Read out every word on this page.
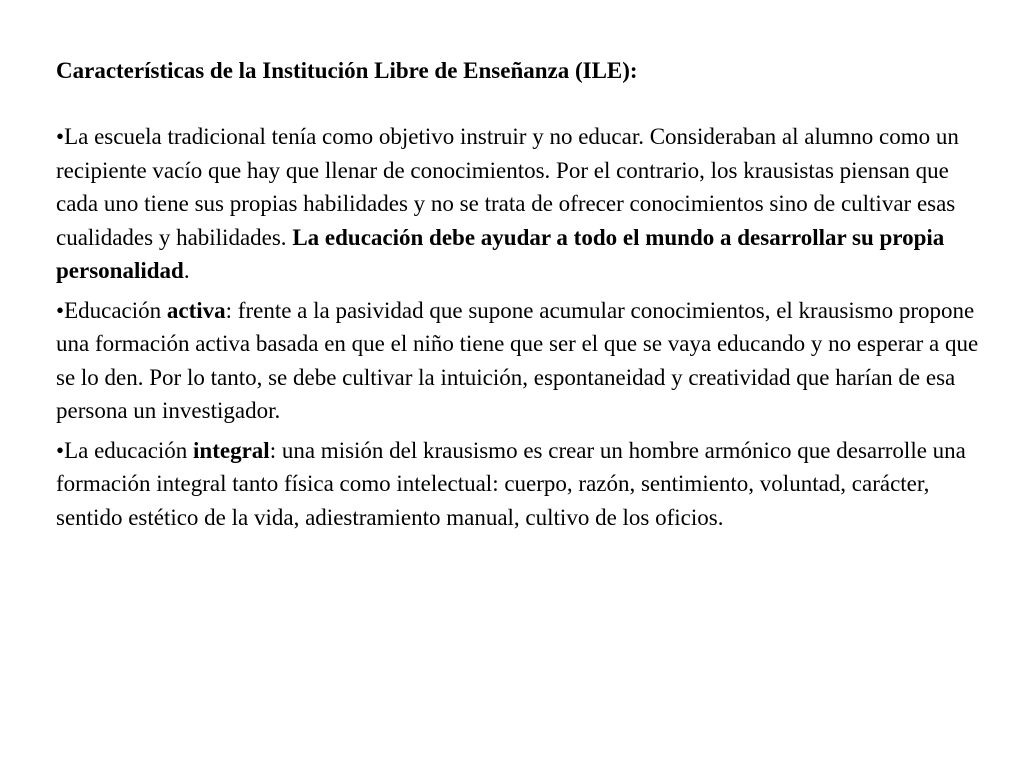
Características de la Institución Libre de Enseñanza (ILE):

•La escuela tradicional tenía como objetivo instruir y no educar. Consideraban al alumno como un recipiente vacío que hay que llenar de conocimientos. Por el contrario, los krausistas piensan que cada uno tiene sus propias habilidades y no se trata de ofrecer conocimientos sino de cultivar esas cualidades y habilidades. La educación debe ayudar a todo el mundo a desarrollar su propia personalidad.

•Educación activa: frente a la pasividad que supone acumular conocimientos, el krausismo propone una formación activa basada en que el niño tiene que ser el que se vaya educando y no esperar a que se lo den. Por lo tanto, se debe cultivar la intuición, espontaneidad y creatividad que harían de esa persona un investigador.

•La educación integral: una misión del krausismo es crear un hombre armónico que desarrolle una formación integral tanto física como intelectual: cuerpo, razón, sentimiento, voluntad, carácter, sentido estético de la vida, adiestramiento manual, cultivo de los oficios.
